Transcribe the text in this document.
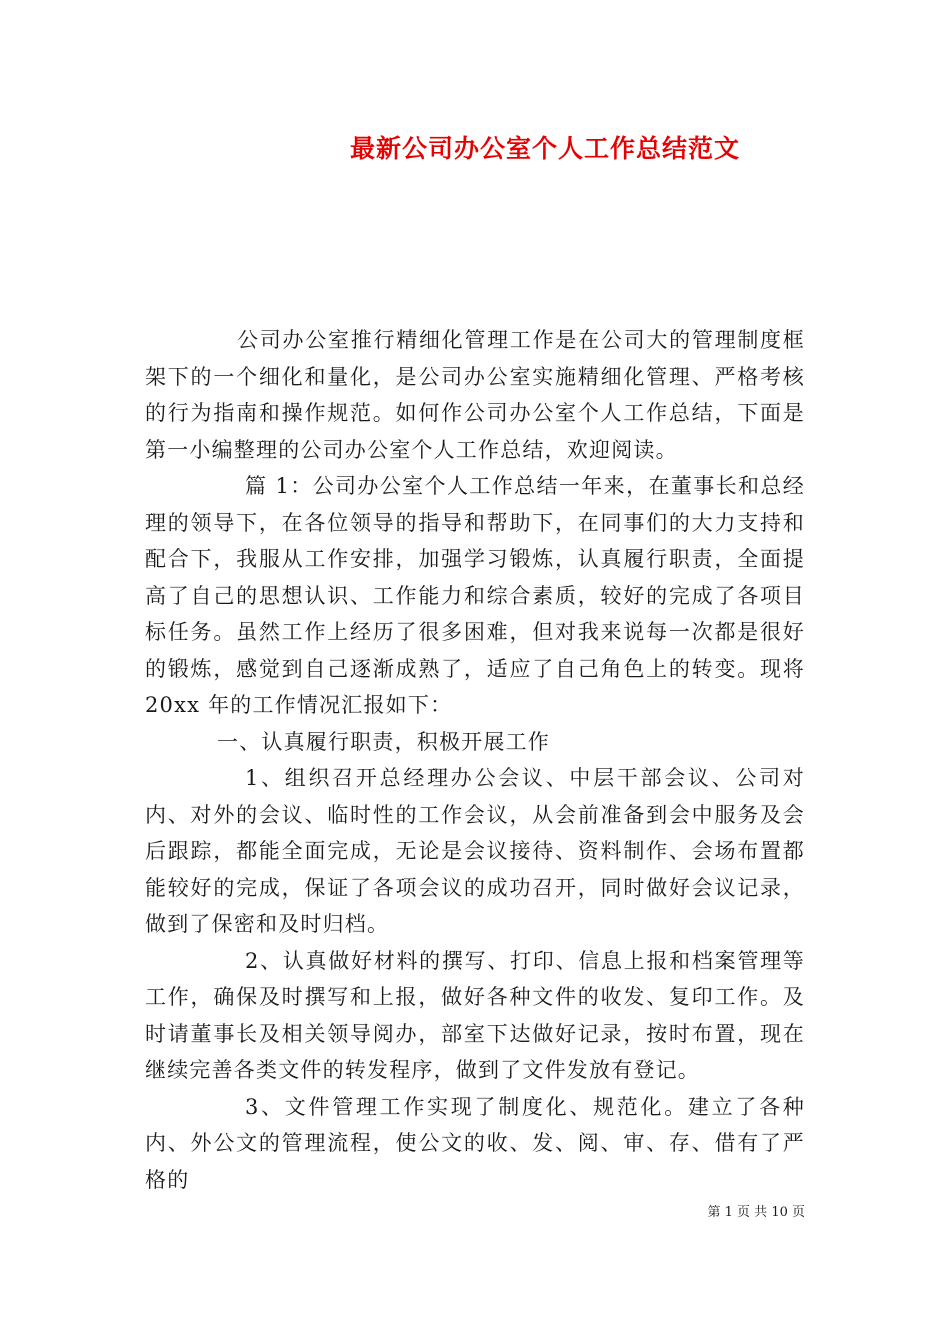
最新公司办公室个人工作总结范文

公司办公室推行精细化管理工作是在公司大的管理制度框架下的一个细化和量化，是公司办公室实施精细化管理、严格考核的行为指南和操作规范。如何作公司办公室个人工作总结，下面是第一小编整理的公司办公室个人工作总结，欢迎阅读。

篇 1：公司办公室个人工作总结一年来，在董事长和总经理的领导下，在各位领导的指导和帮助下，在同事们的大力支持和配合下，我服从工作安排，加强学习锻炼，认真履行职责，全面提高了自己的思想认识、工作能力和综合素质，较好的完成了各项目标任务。虽然工作上经历了很多困难，但对我来说每一次都是很好的锻炼，感觉到自己逐渐成熟了，适应了自己角色上的转变。现将 20xx 年的工作情况汇报如下：

一、认真履行职责，积极开展工作

1、组织召开总经理办公会议、中层干部会议、公司对内、对外的会议、临时性的工作会议，从会前准备到会中服务及会后跟踪，都能全面完成，无论是会议接待、资料制作、会场布置都能较好的完成，保证了各项会议的成功召开，同时做好会议记录，做到了保密和及时归档。

2、认真做好材料的撰写、打印、信息上报和档案管理等工作，确保及时撰写和上报，做好各种文件的收发、复印工作。及时请董事长及相关领导阅办，部室下达做好记录，按时布置，现在继续完善各类文件的转发程序，做到了文件发放有登记。

3、文件管理工作实现了制度化、规范化。建立了各种内、外公文的管理流程，使公文的收、发、阅、审、存、借有了严格的

第 1 页 共 10 页
